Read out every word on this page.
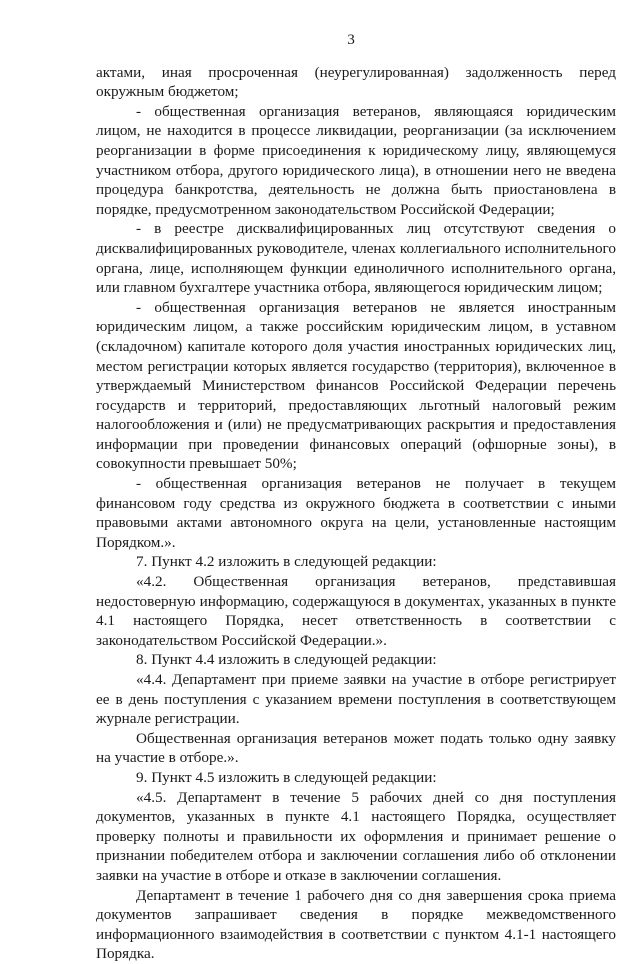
3

актами, иная просроченная (неурегулированная) задолженность перед окружным бюджетом;

- общественная организация ветеранов, являющаяся юридическим лицом, не находится в процессе ликвидации, реорганизации (за исключением реорганизации в форме присоединения к юридическому лицу, являющемуся участником отбора, другого юридического лица), в отношении него не введена процедура банкротства, деятельность не должна быть приостановлена в порядке, предусмотренном законодательством Российской Федерации;

- в реестре дисквалифицированных лиц отсутствуют сведения о дисквалифицированных руководителе, членах коллегиального исполнительного органа, лице, исполняющем функции единоличного исполнительного органа, или главном бухгалтере участника отбора, являющегося юридическим лицом;

- общественная организация ветеранов не является иностранным юридическим лицом, а также российским юридическим лицом, в уставном (складочном) капитале которого доля участия иностранных юридических лиц, местом регистрации которых является государство (территория), включенное в утверждаемый Министерством финансов Российской Федерации перечень государств и территорий, предоставляющих льготный налоговый режим налогообложения и (или) не предусматривающих раскрытия и предоставления информации при проведении финансовых операций (офшорные зоны), в совокупности превышает 50%;

- общественная организация ветеранов не получает в текущем финансовом году средства из окружного бюджета в соответствии с иными правовыми актами автономного округа на цели, установленные настоящим Порядком.».

7. Пункт 4.2 изложить в следующей редакции:

«4.2. Общественная организация ветеранов, представившая недостоверную информацию, содержащуюся в документах, указанных в пункте 4.1 настоящего Порядка, несет ответственность в соответствии с законодательством Российской Федерации.».

8. Пункт 4.4 изложить в следующей редакции:

«4.4. Департамент при приеме заявки на участие в отборе регистрирует ее в день поступления с указанием времени поступления в соответствующем журнале регистрации.

Общественная организация ветеранов может подать только одну заявку на участие в отборе.».

9. Пункт 4.5 изложить в следующей редакции:

«4.5. Департамент в течение 5 рабочих дней со дня поступления документов, указанных в пункте 4.1 настоящего Порядка, осуществляет проверку полноты и правильности их оформления и принимает решение о признании победителем отбора и заключении соглашения либо об отклонении заявки на участие в отборе и отказе в заключении соглашения.

Департамент в течение 1 рабочего дня со дня завершения срока приема документов запрашивает сведения в порядке межведомственного информационного взаимодействия в соответствии с пунктом 4.1-1 настоящего Порядка.
